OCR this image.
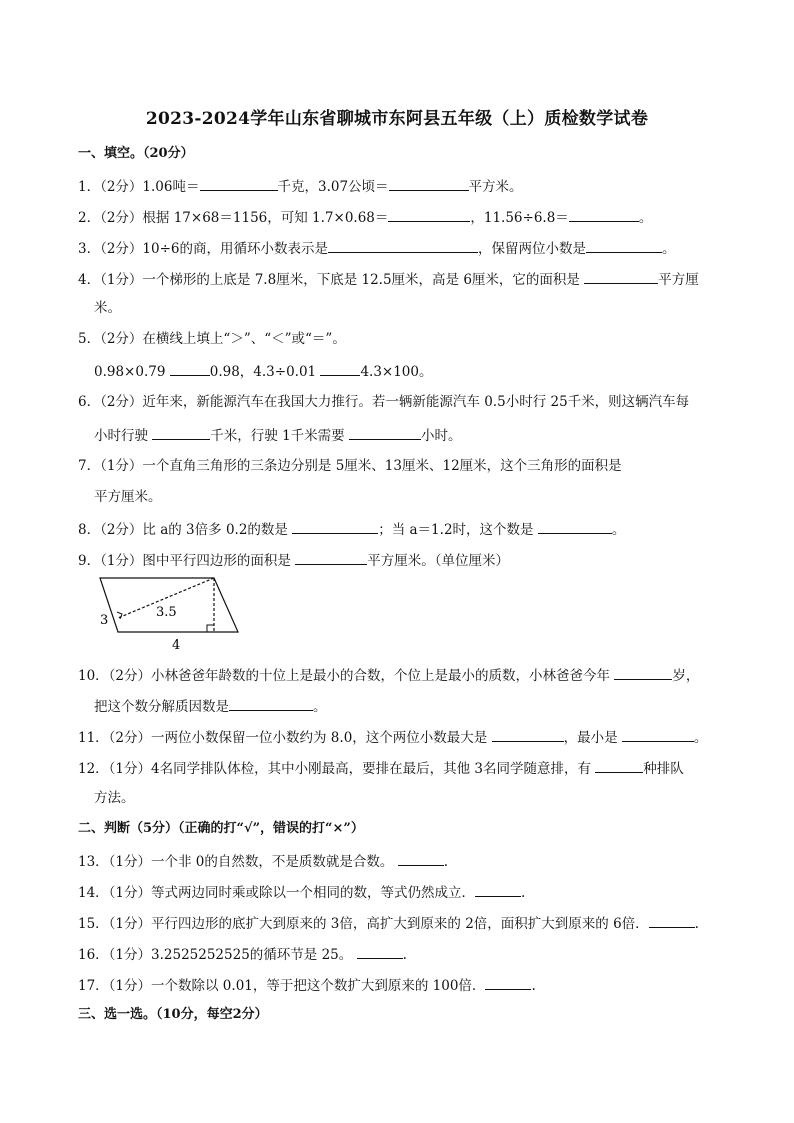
2023-2024学年山东省聊城市东阿县五年级（上）质检数学试卷
一、填空。（20分）
1．（2分）1.06吨＝	千克，3.07公顷＝	平方米。
2．（2分）根据 17×68＝1156，可知 1.7×0.68＝	，11.56÷6.8＝	。
3．（2分）10÷6的商，用循环小数表示是	，保留两位小数是	。
4．（1分）一个梯形的上底是 7.8厘米，下底是 12.5厘米，高是 6厘米，它的面积是	平方厘
米。
5．（2分）在横线上填上“＞”、“＜”或“＝”。
0.98×0.79	0.98，4.3÷0.01	4.3×100。
6．（2分）近年来，新能源汽车在我国大力推行。若一辆新能源汽车 0.5小时行 25千米，则这辆汽车每
小时行驶	千米，行驶 1千米需要	小时。
7．（1分）一个直角三角形的三条边分别是 5厘米、13厘米、12厘米，这个三角形的面积是
平方厘米。
8．（2分）比 a的 3倍多 0.2的数是	；当 a＝1.2时，这个数是	。
9．（1分）图中平行四边形的面积是	平方厘米。（单位厘米）
3
3.5
4
10．（2分）小林爸爸年龄数的十位上是最小的合数，个位上是最小的质数，小林爸爸今年	岁，
把这个数分解质因数是	。
11．（2分）一两位小数保留一位小数约为 8.0，这个两位小数最大是	，最小是	。
12．（1分）4名同学排队体检，其中小刚最高，要排在最后，其他 3名同学随意排，有	种排队
方法。
二、判断（5分）（正确的打“√”，错误的打“×”）
13．（1分）一个非 0的自然数，不是质数就是合数。	.
14．（1分）等式两边同时乘或除以一个相同的数，等式仍然成立．	.
15．（1分）平行四边形的底扩大到原来的 3倍，高扩大到原来的 2倍，面积扩大到原来的 6倍．	.
16．（1分）3.2525252525的循环节是 25。	.
17．（1分）一个数除以 0.01，等于把这个数扩大到原来的 100倍．	.
三、选一选。（10分，每空2分）
